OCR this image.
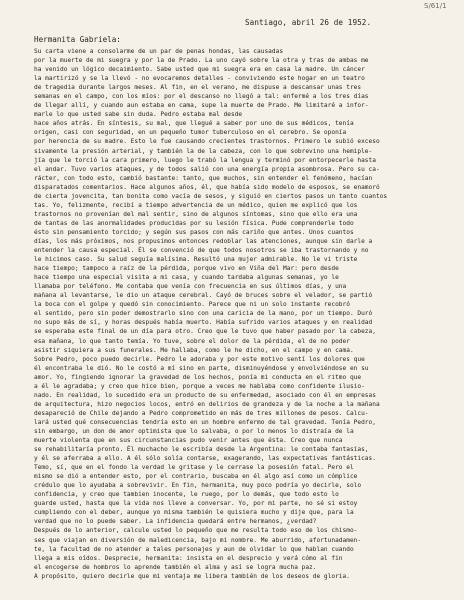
S/61/1
Santiago, abril 26 de 1952.
Hermanita Gabriela:
Su carta viene a consolarme de un par de penas hondas, las causadas
por la muerte de mi suegra y por la de Prado. La uno cayó sobre la otra y tras de ambas me
ha venido un lógico decaimiento. Sabe usted que mi suegra era en casa la madre. Un cáncer
la martirizó y se la llevó - no evocaremos detalles - conviviendo este hogar en un teatro
de tragedia durante largos meses. Al fin, en el verano, me dispuse a descansar unas tres
semanas en el campo, con los míos: por el descanso no llegó a tal: enfermé a los tres días
de llegar allí, y cuando aun estaba en cama, supe la muerte de Prado. Me limitaré a infor-
marle lo que usted sabe sin duda. Pedro estaba mal desde
hace años atrás. En síntesis, su mal, que llegué a saber por uno de sus médicos, tenía
origen, casi con seguridad, en un pequeño tumor tuberculoso en el cerebro. Se oponía
por herencia de su madre. Esto le fue causando crecientes trastornos. Primero le subió exceso
sivamente la presión arterial, y también la de la cabeza, con lo que sobrevino una hemiple-
jía que le torció la cara primero, luego le trabó la lengua y terminó por entorpecerle hasta
el andar. Tuvo varios ataques, y de todos salió con una energía propia asombrosa. Pero su ca-
rácter, con todo esto, cambió bastante: tanto, que muchos, sin entender el fenómeno, hacían
disparatados comentarios. Hace algunos años, él, que había sido modelo de esposos, se enamoró
de cierta jovencita, tan bonita como vacía de sesos, y siguió en ciertos pasos un tanto cuantos
tas. Yo, felizmente, recibí a tiempo advertencia de un médico, quien me explicó que los
trastornos no provenían del mal sentir, sino de algunos síntomas, sino que ello era una
de tantas de las anormalidades producidas por su lesión física. Pude comprenderle todo
ésto sin pensamiento torcido; y según sus pasos con más cariño que antes. Unos cuantos
días, los más próximos, nos propusimos entonces redoblar las atenciones, aunque sin darle a
entender la causa especial. Él se convenció de que todos nosotros se iba trastornando y no
le hicimos caso. Su salud seguía malísima. Resultó una mujer admirable. No le vi triste
hace tiempo; tampoco a raíz de la pérdida, porque vivo en Viña del Mar: pero desde
hace tiempo una especial visita a mi casa, y cuando tardaba algunas semanas, yo le
llamaba por teléfono. Me contaba que venía con frecuencia en sus últimos días, y una
mañana al levantarse, le dio un ataque cerebral. Cayó de bruces sobre el velador, se partió
la boca con el golpe y quedó sin conocimiento. Parece que ni un solo instante recobró
el sentido, pero sin poder demostrarlo sino con una caricia de la mano, por un tiempo. Duró
no supo más de sí, y horas después había muerto. Había sufrido varios ataques y en realidad
se esperaba este final de un día para otro. Creo que le tuvo que haber pasado por la cabeza,
esa mañana, lo que tanto temía. Yo tuve, sobre el dolor de la pérdida, el de no poder
asistir siquiera a sus funerales. Me hallaba, como le he dicho, en el campo y en cama.
Sobre Pedro, poco puedo decirle. Pedro le adoraba y por este motivo sentí los dolores que
él encontraba le dió. No le costó a mí sino en parte, disminuyéndose y envolviéndose en su
amor. Yo, fingiendo ignorar la gravedad de los hechos, ponía mi conducta en el ritmo que
a él le agradaba; y creo que hice bien, porque a veces me hablaba como confidente ilusio-
nado. En realidad, lo sucedido era un producto de su enfermedad, asociado con él en empresas
de arquitectura, hizo negocios locos, entró en delirios de grandeza y de la noche a la mañana
desapareció de Chile dejando a Pedro comprometido en más de tres millones de pesos. Calcu-
lará usted qué consecuencias tendría esto en un hombre enfermo de tal gravedad. Tenía Pedro,
sin embargo, un don de amor optimista que lo salvaba, o por lo menos lo distraía de la
muerte violenta que en sus circunstancias pudo venir antes que ésta. Creo que nunca
se rehabilitaría pronto. Él muchacho le escribía desde la Argentina: le contaba fantasías,
y él se aferraba a ello. A él sólo solía contarse, exagerando, las expectativas fantásticas.
Temo, sí, que en el fondo la verdad le gritase y le cerrase la posesión fatal. Pero el
mismo se dió a entender esto, por el contrario, buscaba en él algo así como un cómplice
crédulo que lo ayudaba a sobrevivir. En fin, hermanita, muy poco podría yo decirle, solo
confidencia, y creo que tambien inocente, le ruego, por lo demás, que todo esto lo
guarde usted, hasta que la vida nos lleve a conversar. Yo, por mi parte, no sé si estoy
cumpliendo con el deber, aunque yo misma también le quisiera mucho y dije que, para la
verdad que no lo puede saber. La infidencia quedará entre hermanos, ¿verdad?
Después de lo anterior, calcule usted lo pequeño que me resulta todo eso de los chismo-
ses que viajan en diversión de maledicencia, bajo mi nombre. Me aburrido, afortunadamen-
te, la facultad de no atender a tales personajes y aun de olvidar lo que hablan cuando
llega a mis oídos. Desprecie, hermanita: insista en el desprecio y verá cómo al fin
el encogerse de hombros lo aprende también el alma y así se logra mucha paz.
A propósito, quiero decirle que mi ventaja me libera también de los deseos de gloria.
